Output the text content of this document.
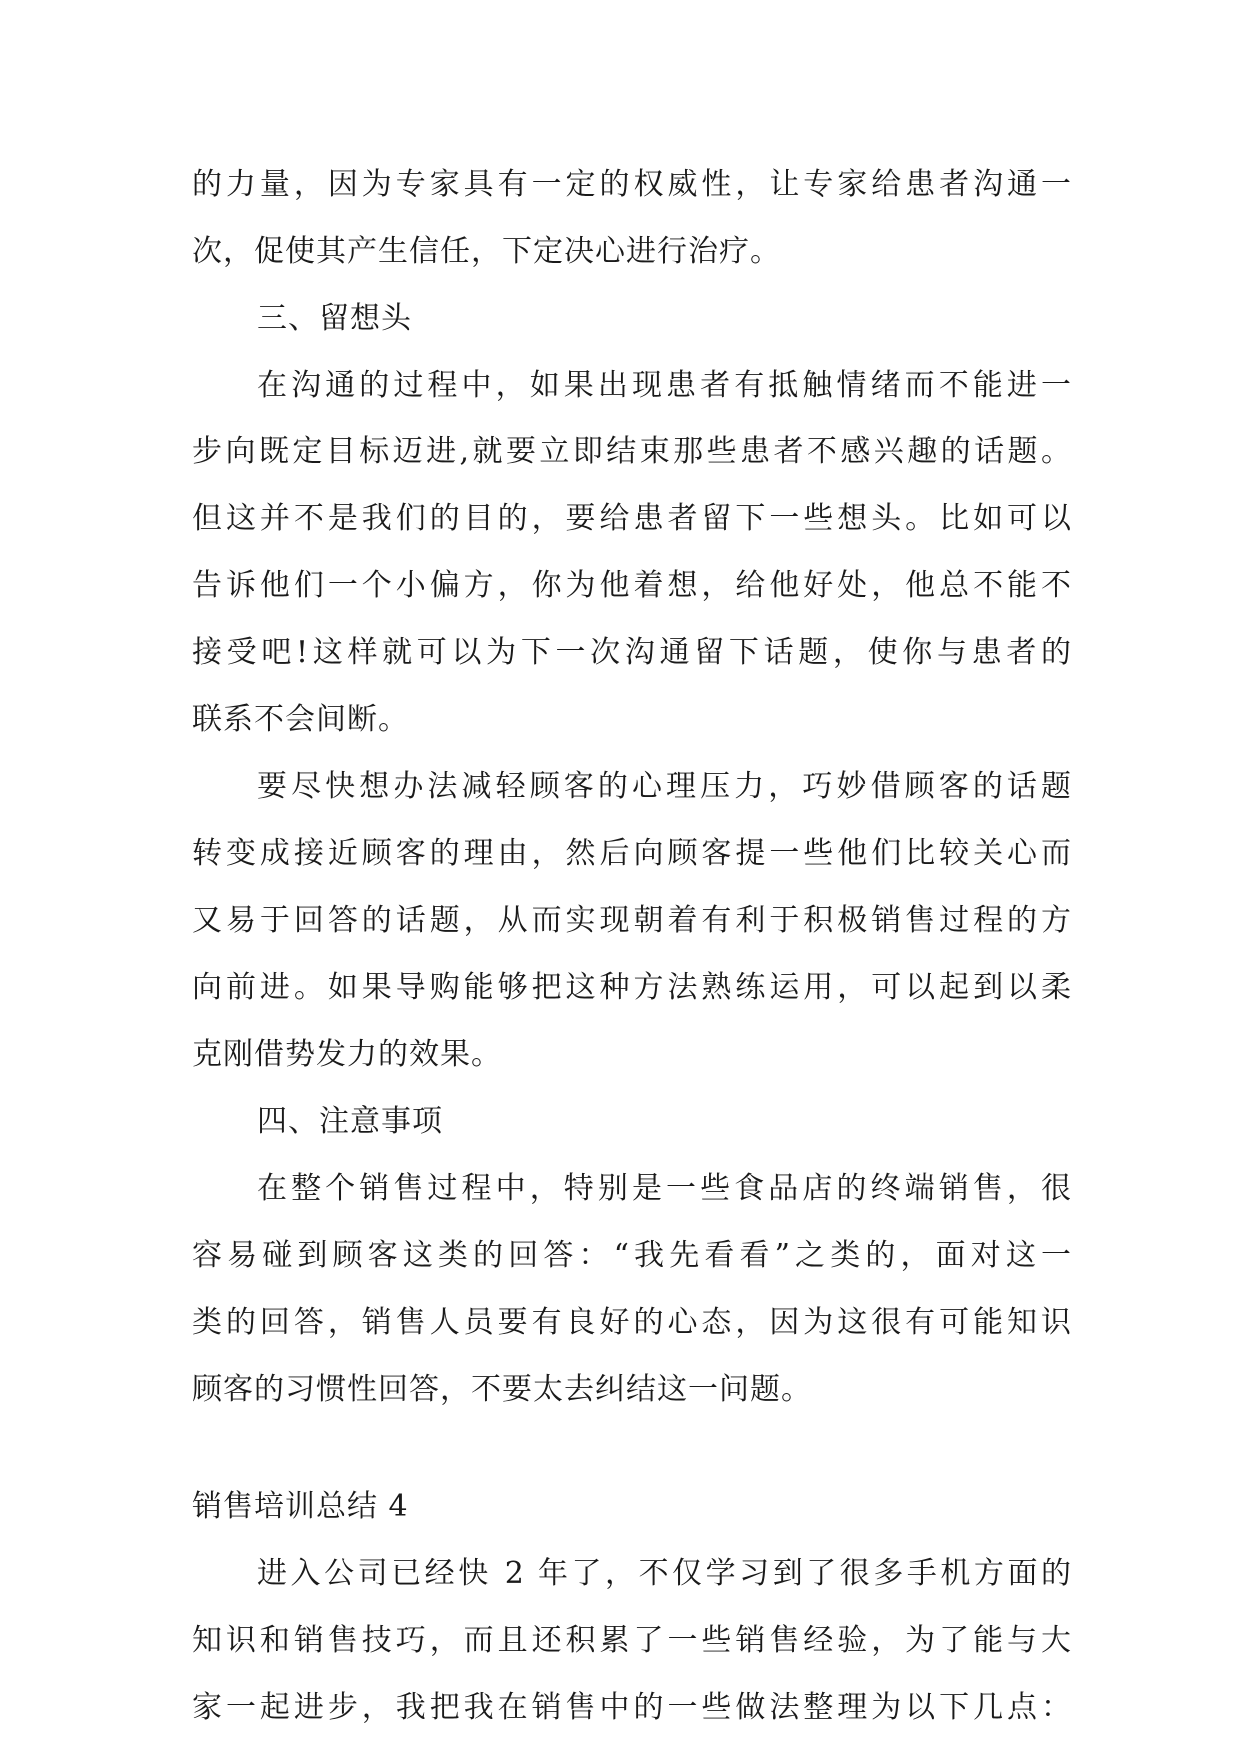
的力量，因为专家具有一定的权威性，让专家给患者沟通一
次，促使其产生信任，下定决心进行治疗。
三、留想头
在沟通的过程中，如果出现患者有抵触情绪而不能进一
步向既定目标迈进,就要立即结束那些患者不感兴趣的话题。
但这并不是我们的目的，要给患者留下一些想头。比如可以
告诉他们一个小偏方，你为他着想，给他好处，他总不能不
接受吧!这样就可以为下一次沟通留下话题，使你与患者的
联系不会间断。
要尽快想办法减轻顾客的心理压力，巧妙借顾客的话题
转变成接近顾客的理由，然后向顾客提一些他们比较关心而
又易于回答的话题，从而实现朝着有利于积极销售过程的方
向前进。如果导购能够把这种方法熟练运用，可以起到以柔
克刚借势发力的效果。
四、注意事项
在整个销售过程中，特别是一些食品店的终端销售，很
容易碰到顾客这类的回答：“我先看看”之类的，面对这一
类的回答，销售人员要有良好的心态，因为这很有可能知识
顾客的习惯性回答，不要太去纠结这一问题。
销售培训总结 4
进入公司已经快 2 年了，不仅学习到了很多手机方面的
知识和销售技巧，而且还积累了一些销售经验，为了能与大
家一起进步，我把我在销售中的一些做法整理为以下几点：
